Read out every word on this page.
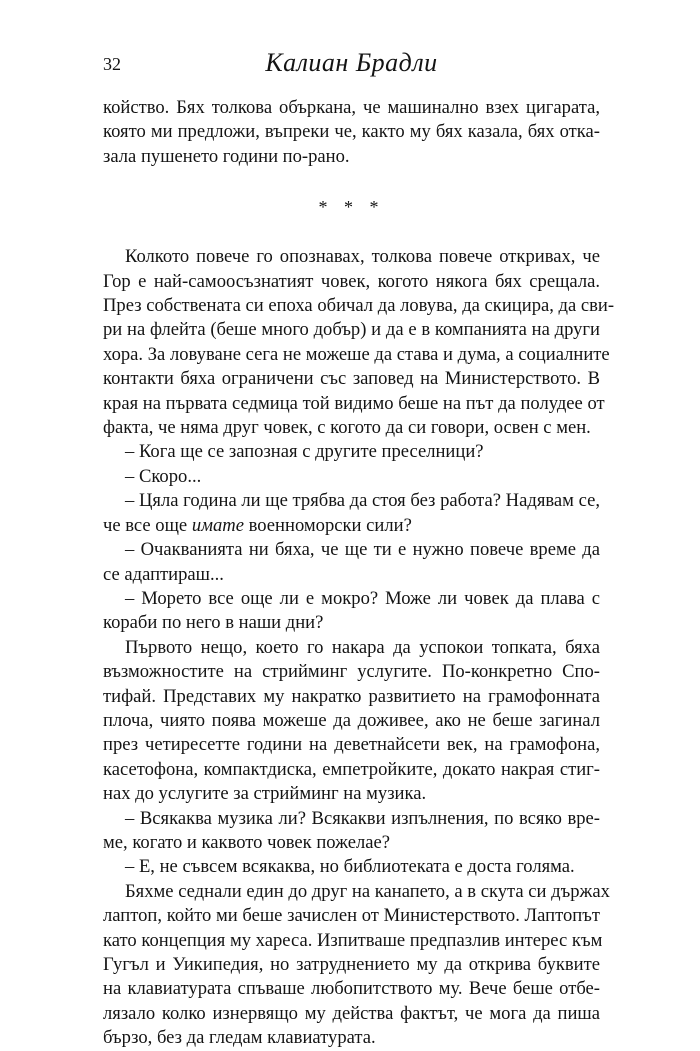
32	Калиан Брадли
койство. Бях толкова объркана, че машинално взех цигарата,
която ми предложи, въпреки че, както му бях казала, бях отка-
зала пушенето години по-рано.
* * *
Колкото повече го опознавах, толкова повече откривах, че
Гор е най-самоосъзнатият човек, когото някога бях срещала.
През собствената си епоха обичал да ловува, да скицира, да сви-
ри на флейта (беше много добър) и да е в компанията на други
хора. За ловуване сега не можеше да става и дума, а социалните
контакти бяха ограничени със заповед на Министерството. В
края на първата седмица той видимо беше на път да полудее от
факта, че няма друг човек, с когото да си говори, освен с мен.
– Кога ще се запозная с другите преселници?
– Скоро...
– Цяла година ли ще трябва да стоя без работа? Надявам се,
че все още имате военноморски сили?
– Очакванията ни бяха, че ще ти е нужно повече време да
се адаптираш...
– Морето все още ли е мокро? Може ли човек да плава с
кораби по него в наши дни?
Първото нещо, което го накара да успокои топката, бяха
възможностите на стрийминг услугите. По-конкретно Спо-
тифай. Представих му накратко развитието на грамофонната
плоча, чиято поява можеше да доживее, ако не беше загинал
през четиресетте години на деветнайсети век, на грамофона,
касетофона, компактдиска, емпетройките, докато накрая стиг-
нах до услугите за стрийминг на музика.
– Всякаква музика ли? Всякакви изпълнения, по всяко вре-
ме, когато и каквото човек пожелае?
– Е, не съвсем всякаква, но библиотеката е доста голяма.
Бяхме седнали един до друг на канапето, а в скута си държах
лаптоп, който ми беше зачислен от Министерството. Лаптопът
като концепция му хареса. Изпитваше предпазлив интерес към
Гугъл и Уикипедия, но затруднението му да открива буквите
на клавиатурата спъваше любопитството му. Вече беше отбе-
лязало колко изнервящо му действа фактът, че мога да пиша
бързо, без да гледам клавиатурата.
